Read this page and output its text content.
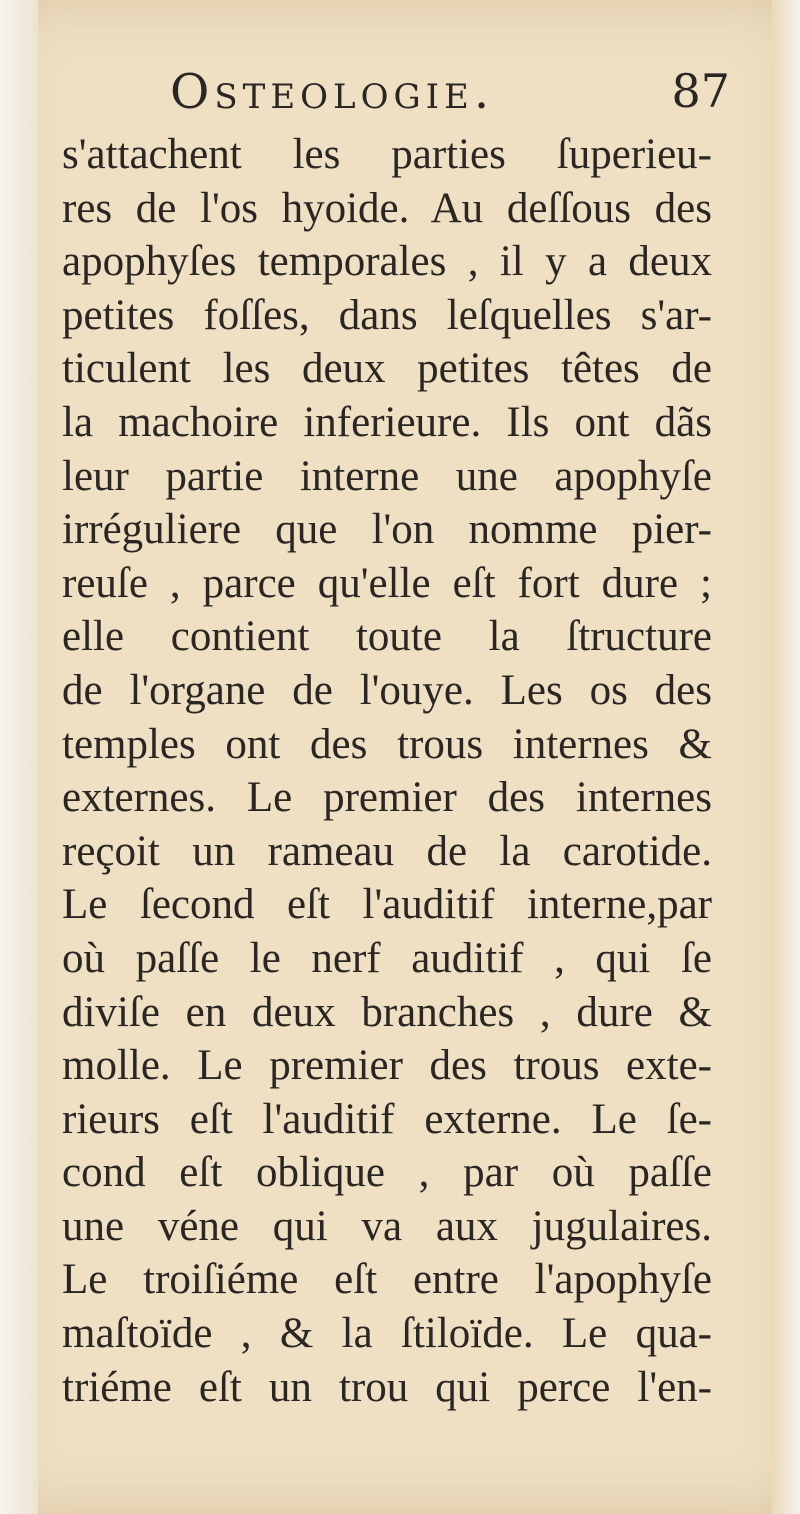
Osteologie.	87
s'attachent les parties ſuperieu-
res de l'os hyoide. Au deſſous des
apophyſes temporales , il y a deux
petites foſſes, dans leſquelles s'ar-
ticulent les deux petites têtes de
la machoire inferieure. Ils ont dãs
leur partie interne une apophyſe
irréguliere que l'on nomme pier-
reuſe , parce qu'elle eſt fort dure ;
elle contient toute la ſtructure
de l'organe de l'ouye. Les os des
temples ont des trous internes &
externes. Le premier des internes
reçoit un rameau de la carotide.
Le ſecond eſt l'auditif interne,par
où paſſe le nerf auditif , qui ſe
diviſe en deux branches , dure &
molle. Le premier des trous exte-
rieurs eſt l'auditif externe. Le ſe-
cond eſt oblique , par où paſſe
une véne qui va aux jugulaires.
Le troiſiéme eſt entre l'apophyſe
maſtoïde , & la ſtiloïde. Le qua-
triéme eſt un trou qui perce l'en-
